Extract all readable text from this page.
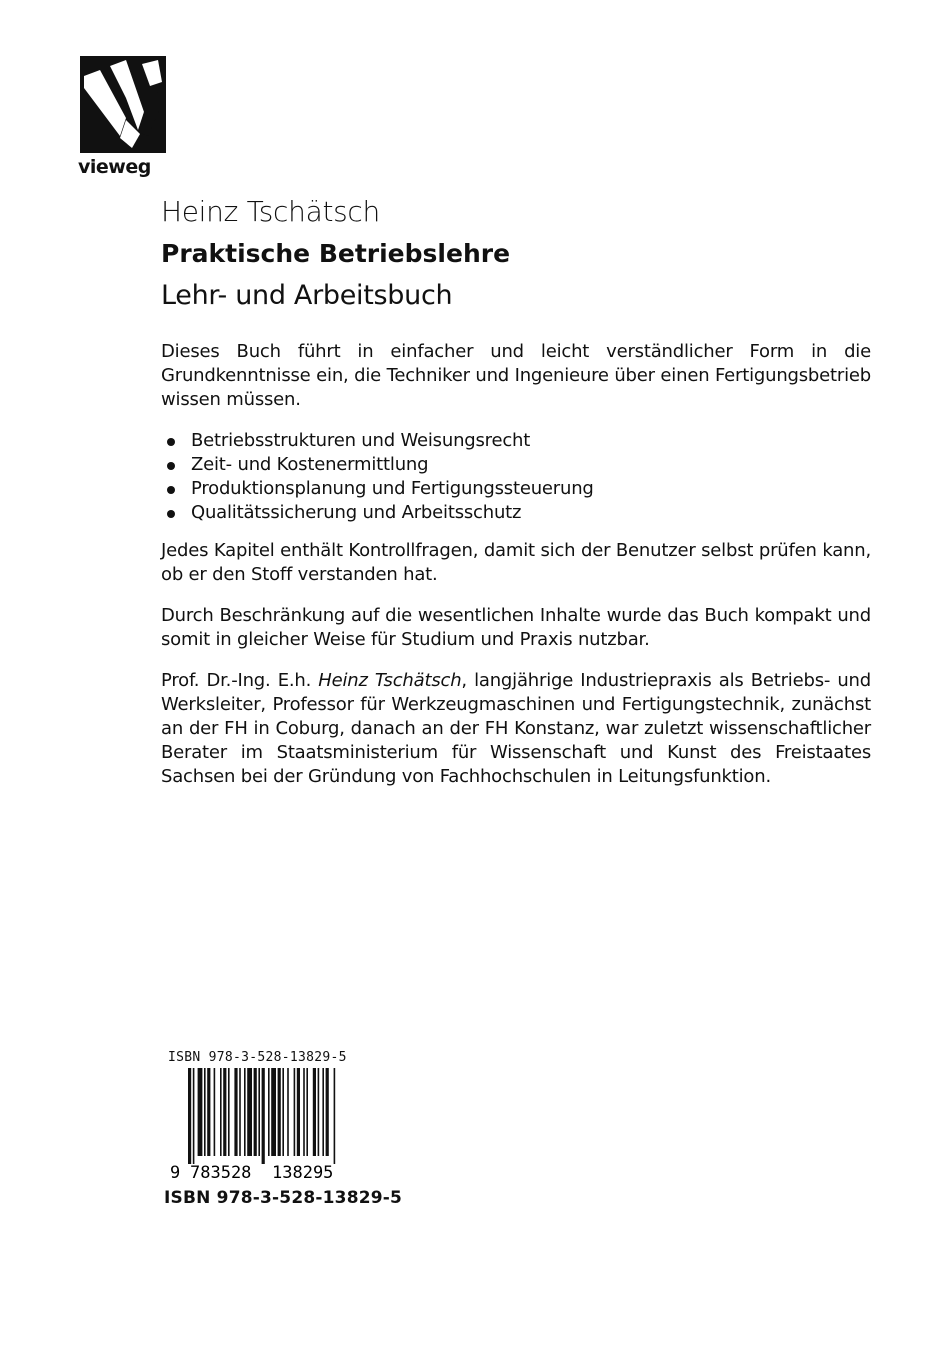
vieweg

Heinz Tschätsch

Praktische Betriebslehre

Lehr- und Arbeitsbuch

Dieses Buch führt in einfacher und leicht verständlicher Form in die Grundkenntnisse ein, die Techniker und Ingenieure über einen Fertigungsbetrieb wissen müssen.

Betriebsstrukturen und Weisungsrecht
Zeit- und Kostenermittlung
Produktionsplanung und Fertigungssteuerung
Qualitätssicherung und Arbeitsschutz

Jedes Kapitel enthält Kontrollfragen, damit sich der Benutzer selbst prüfen kann, ob er den Stoff verstanden hat.

Durch Beschränkung auf die wesentlichen Inhalte wurde das Buch kompakt und somit in gleicher Weise für Studium und Praxis nutzbar.

Prof. Dr.-Ing. E.h. Heinz Tschätsch, langjährige Industriepraxis als Betriebs- und Werksleiter, Professor für Werkzeugmaschinen und Fertigungstechnik, zunächst an der FH in Coburg, danach an der FH Konstanz, war zuletzt wissenschaftlicher Berater im Staatsministerium für Wissenschaft und Kunst des Freistaates Sachsen bei der Gründung von Fachhochschulen in Leitungsfunktion.

ISBN 978-3-528-13829-5
9 783528 138295
ISBN 978-3-528-13829-5
